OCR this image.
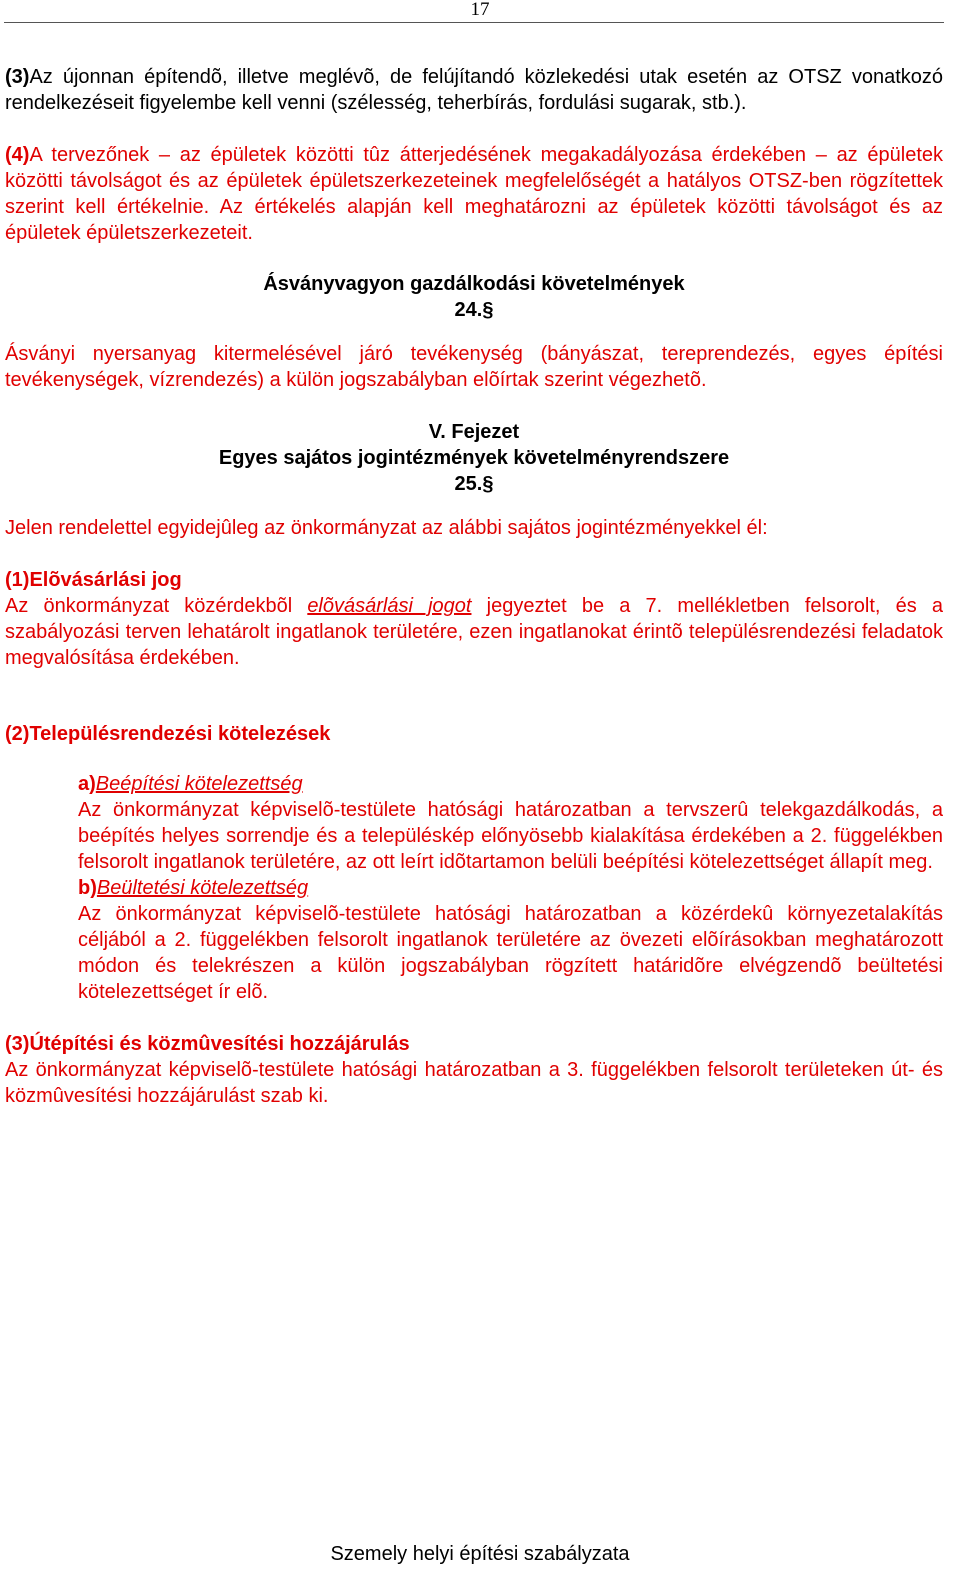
17

(3)Az újonnan építendõ, illetve meglévõ, de felújítandó közlekedési utak esetén az OTSZ vonatkozó rendelkezéseit figyelembe kell venni (szélesség, teherbírás, fordulási sugarak, stb.).

(4)A tervezőnek – az épületek közötti tûz átterjedésének megakadályozása érdekében – az épületek közötti távolságot és az épületek épületszerkezeteinek megfelelőségét a hatályos OTSZ-ben rögzítettek szerint kell értékelnie. Az értékelés alapján kell meghatározni az épületek közötti távolságot és az épületek épületszerkezeteit.

Ásványvagyon gazdálkodási követelmények
24.§

Ásványi nyersanyag kitermelésével járó tevékenység (bányászat, tereprendezés, egyes építési tevékenységek, vízrendezés) a külön jogszabályban elõírtak szerint végezhetõ.

V. Fejezet
Egyes sajátos jogintézmények követelményrendszere
25.§

Jelen rendelettel egyidejûleg az önkormányzat az alábbi sajátos jogintézményekkel él:

(1)Elõvásárlási jog

Az önkormányzat közérdekbõl elõvásárlási jogot jegyeztet be a 7. mellékletben felsorolt, és a szabályozási terven lehatárolt ingatlanok területére, ezen ingatlanokat érintõ településrendezési feladatok megvalósítása érdekében.

(2)Településrendezési kötelezések
a)Beépítési kötelezettség

Az önkormányzat képviselõ-testülete hatósági határozatban a tervszerû telekgazdálkodás, a beépítés helyes sorrendje és a településkép előnyösebb kialakítása érdekében a 2. függelékben felsorolt ingatlanok területére, az ott leírt idõtartamon belüli beépítési kötelezettséget állapít meg.

b)Beültetési kötelezettség

Az önkormányzat képviselõ-testülete hatósági határozatban a közérdekû környezetalakítás céljából a 2. függelékben felsorolt ingatlanok területére az övezeti elõírásokban meghatározott módon és telekrészen a külön jogszabályban rögzített határidõre elvégzendõ beültetési kötelezettséget ír elõ.

(3)Útépítési és közmûvesítési hozzájárulás

Az önkormányzat képviselõ-testülete hatósági határozatban a 3. függelékben felsorolt területeken út- és közmûvesítési hozzájárulást szab ki.

Szemely helyi építési szabályzata
